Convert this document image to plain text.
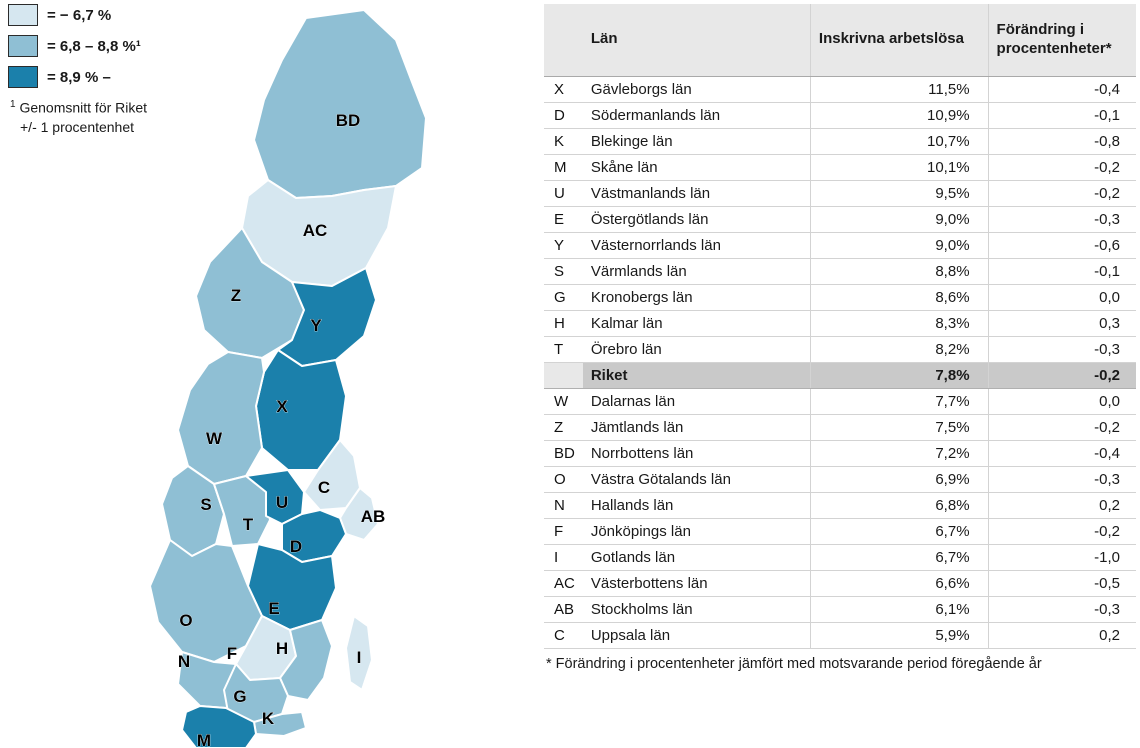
= − 6,7 %
= 6,8 – 8,8 %¹
= 8,9 % –
$^1$ Genomsnitt för Riket
+/- 1 procentenhet	BD
AC
Z
Y
X
W
C
S	U
T	AB
D
E
O
F H	I
N
G
K
M
	Län	Inskrivna arbetslösa	Förändring i procentenheter*
X	Gävleborgs län	11,5%	-0,4
D	Södermanlands län	10,9%	-0,1
K	Blekinge län	10,7%	-0,8
M	Skåne län	10,1%	-0,2
U	Västmanlands län	9,5%	-0,2
E	Östergötlands län	9,0%	-0,3
Y	Västernorrlands län	9,0%	-0,6
S	Värmlands län	8,8%	-0,1
G	Kronobergs län	8,6%	0,0
H	Kalmar län	8,3%	0,3
T	Örebro län	8,2%	-0,3
	Riket	7,8%	-0,2
W	Dalarnas län	7,7%	0,0
Z	Jämtlands län	7,5%	-0,2
BD	Norrbottens län	7,2%	-0,4
O	Västra Götalands län	6,9%	-0,3
N	Hallands län	6,8%	0,2
F	Jönköpings län	6,7%	-0,2
I	Gotlands län	6,7%	-1,0
AC	Västerbottens län	6,6%	-0,5
AB	Stockholms län	6,1%	-0,3
C	Uppsala län	5,9%	0,2
* Förändring i procentenheter jämfört med motsvarande period föregående år
